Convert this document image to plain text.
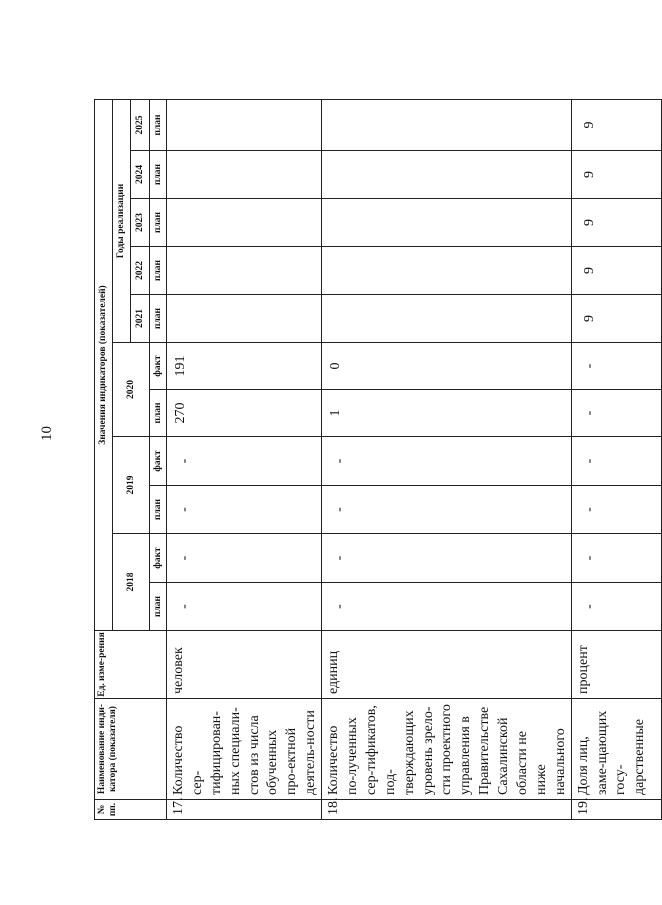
10
№ пп.	Наименование инди-катора (показателя)	Ед. изме-рения	Значения индикаторов (показателей)										
			2018		2019		2020		Годы реализации				
									2021	2022	2023	2024	2025
			план	факт	план	факт	план	факт	план	план	план	план	план
17.	Количество сер-тифицирован-ных специали-стов из числа обученных про-ектной деятель-ности	человек	-	-	-	-	270	191					
18.	Количество по-лученных сер-тификатов, под-тверждающих уровень зрело-сти проектного управления в Правительстве Сахалинской области не ниже начального	единиц	-	-	-	-	1	0					
19.	Доля лиц, заме-щающих госу-дарственные	процент	-	-	-	-	-	-	9	9	9	9	9
